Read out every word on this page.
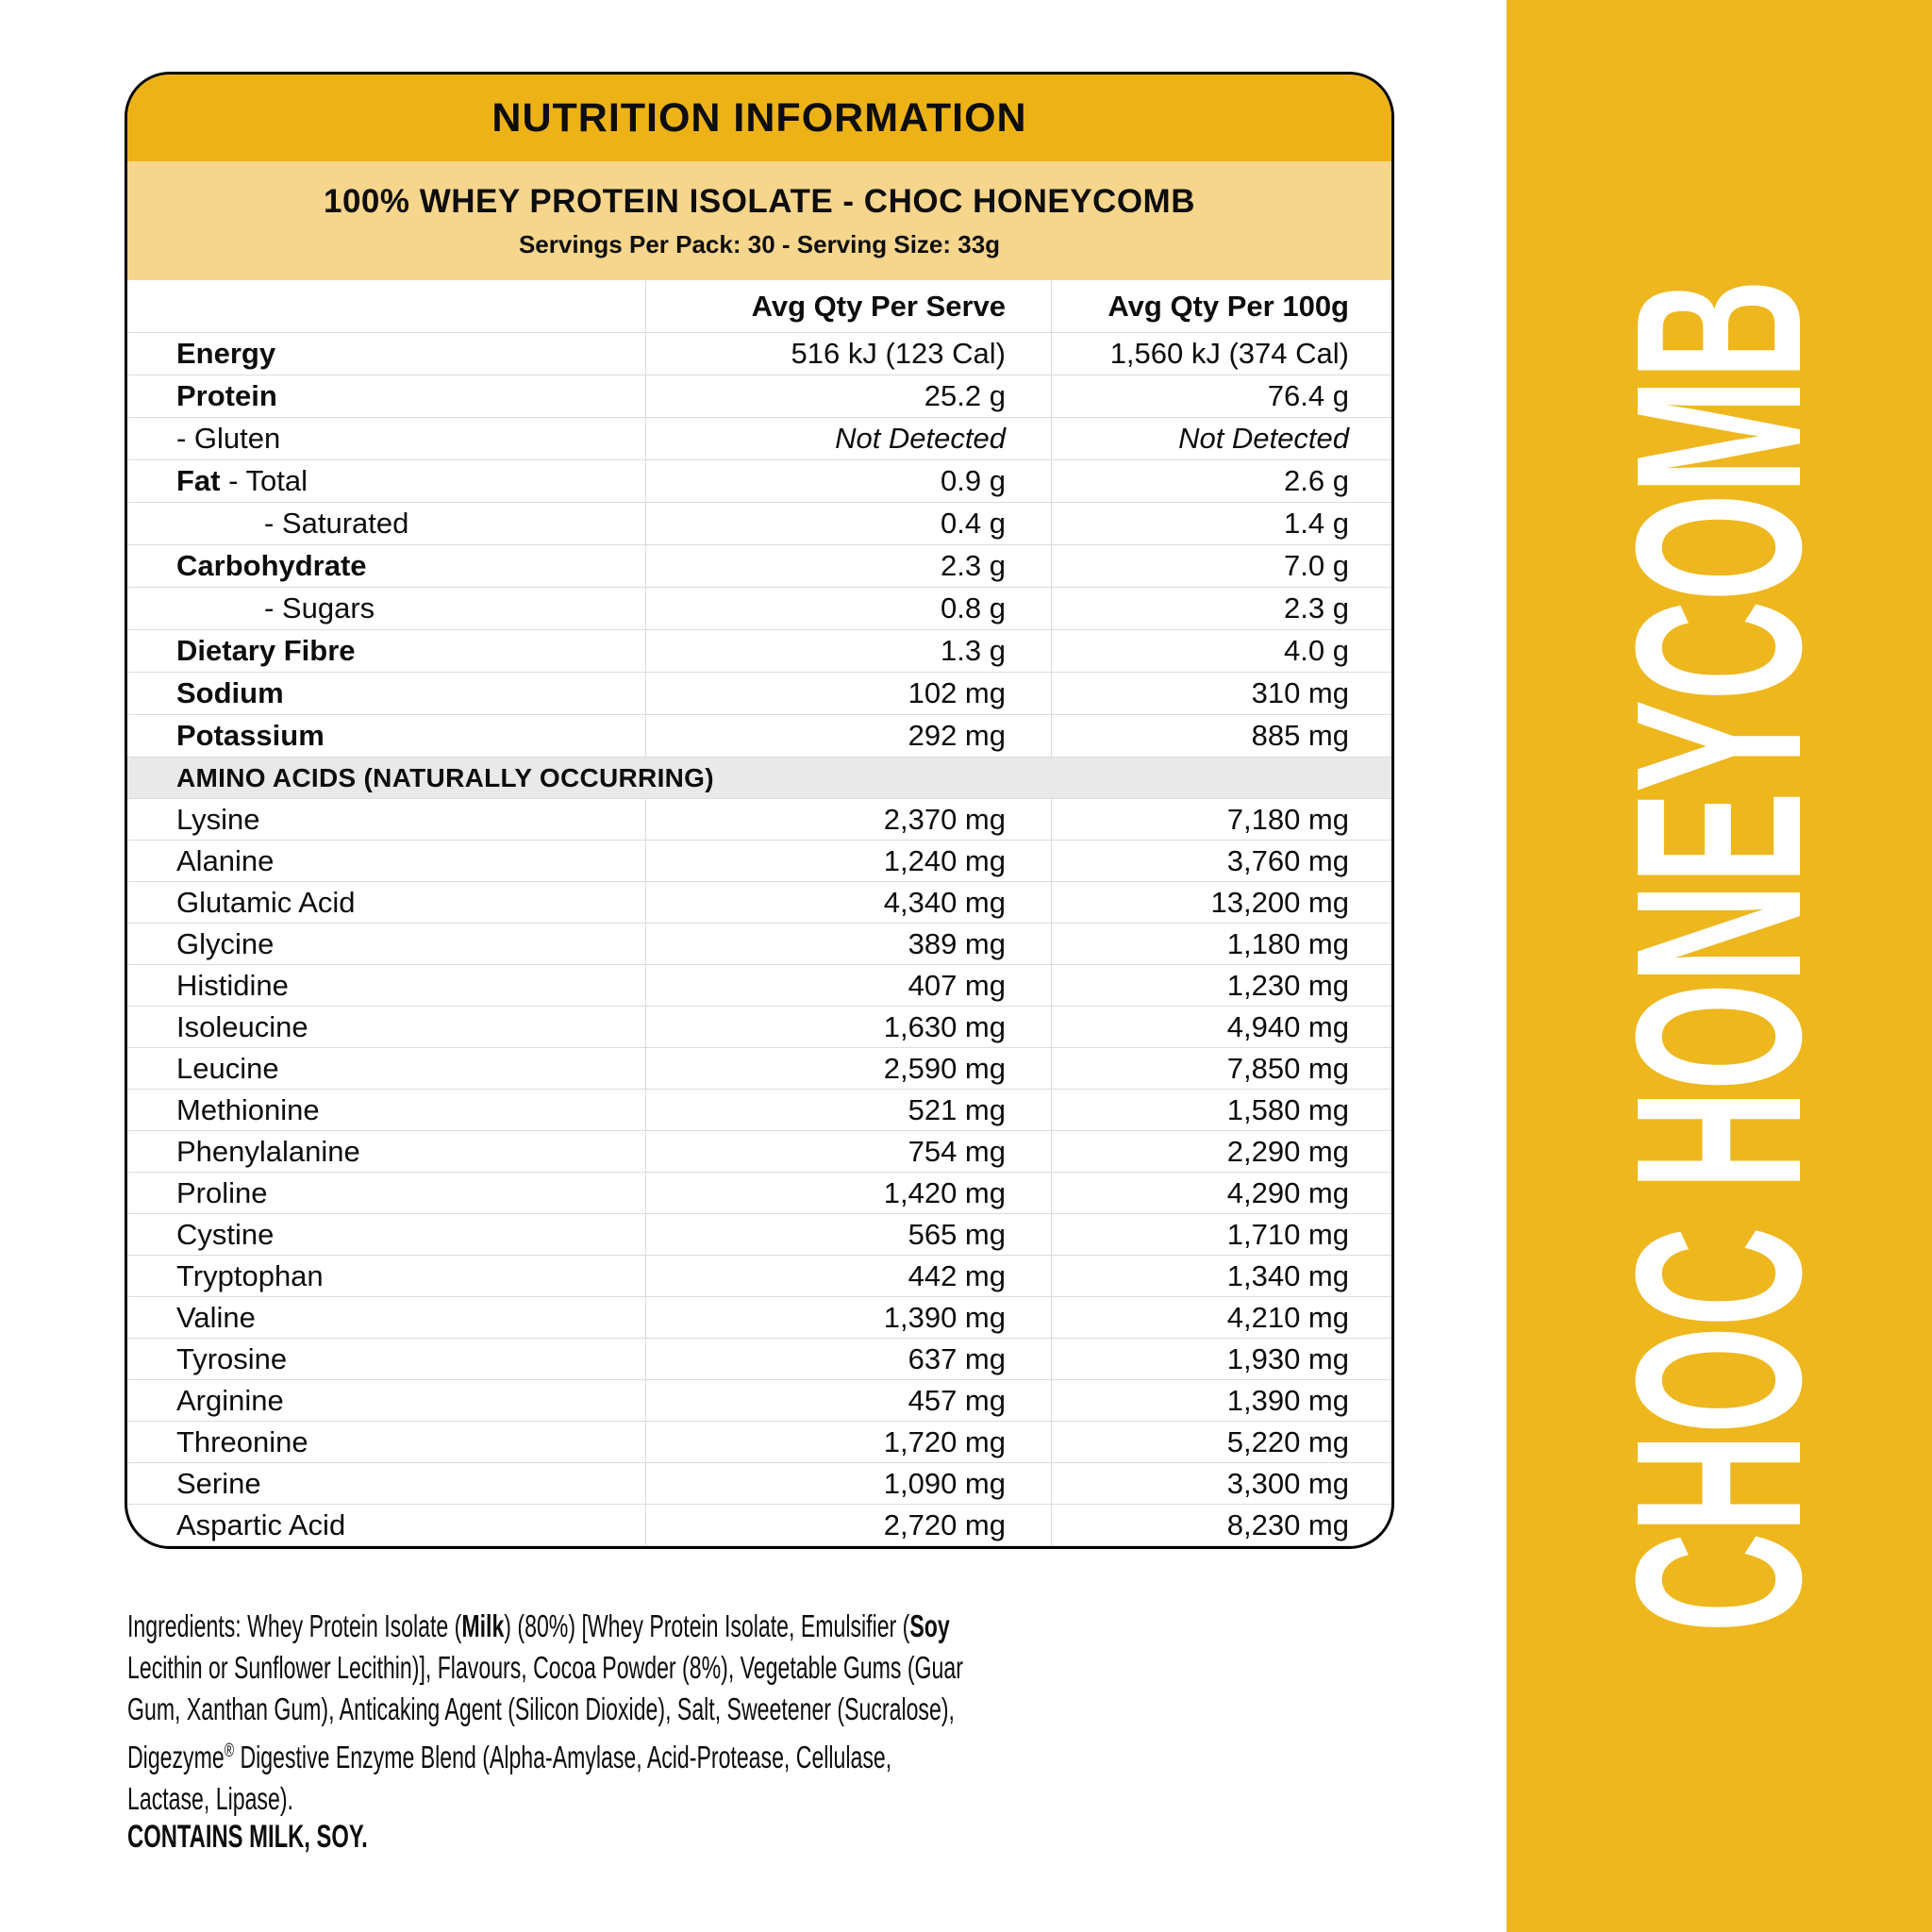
CHOC HONEYCOMB
NUTRITION INFORMATION
100% WHEY PROTEIN ISOLATE - CHOC HONEYCOMB
Servings Per Pack: 30 - Serving Size: 33g
Avg Qty Per Serve	Avg Qty Per 100g
Energy	516 kJ (123 Cal)	1,560 kJ (374 Cal)
Protein	25.2 g	76.4 g
- Gluten	Not Detected	Not Detected
Fat - Total	0.9 g	2.6 g
- Saturated	0.4 g	1.4 g
Carbohydrate	2.3 g	7.0 g
- Sugars	0.8 g	2.3 g
Dietary Fibre	1.3 g	4.0 g
Sodium	102 mg	310 mg
Potassium	292 mg	885 mg
AMINO ACIDS (NATURALLY OCCURRING)
Lysine	2,370 mg	7,180 mg
Alanine	1,240 mg	3,760 mg
Glutamic Acid	4,340 mg	13,200 mg
Glycine	389 mg	1,180 mg
Histidine	407 mg	1,230 mg
Isoleucine	1,630 mg	4,940 mg
Leucine	2,590 mg	7,850 mg
Methionine	521 mg	1,580 mg
Phenylalanine	754 mg	2,290 mg
Proline	1,420 mg	4,290 mg
Cystine	565 mg	1,710 mg
Tryptophan	442 mg	1,340 mg
Valine	1,390 mg	4,210 mg
Tyrosine	637 mg	1,930 mg
Arginine	457 mg	1,390 mg
Threonine	1,720 mg	5,220 mg
Serine	1,090 mg	3,300 mg
Aspartic Acid	2,720 mg	8,230 mg
Ingredients: Whey Protein Isolate (Milk) (80%) [Whey Protein Isolate, Emulsifier (Soy
Lecithin or Sunflower Lecithin)], Flavours, Cocoa Powder (8%), Vegetable Gums (Guar
Gum, Xanthan Gum), Anticaking Agent (Silicon Dioxide), Salt, Sweetener (Sucralose),
Digezyme® Digestive Enzyme Blend (Alpha-Amylase, Acid-Protease, Cellulase,
Lactase, Lipase).
CONTAINS MILK, SOY.
